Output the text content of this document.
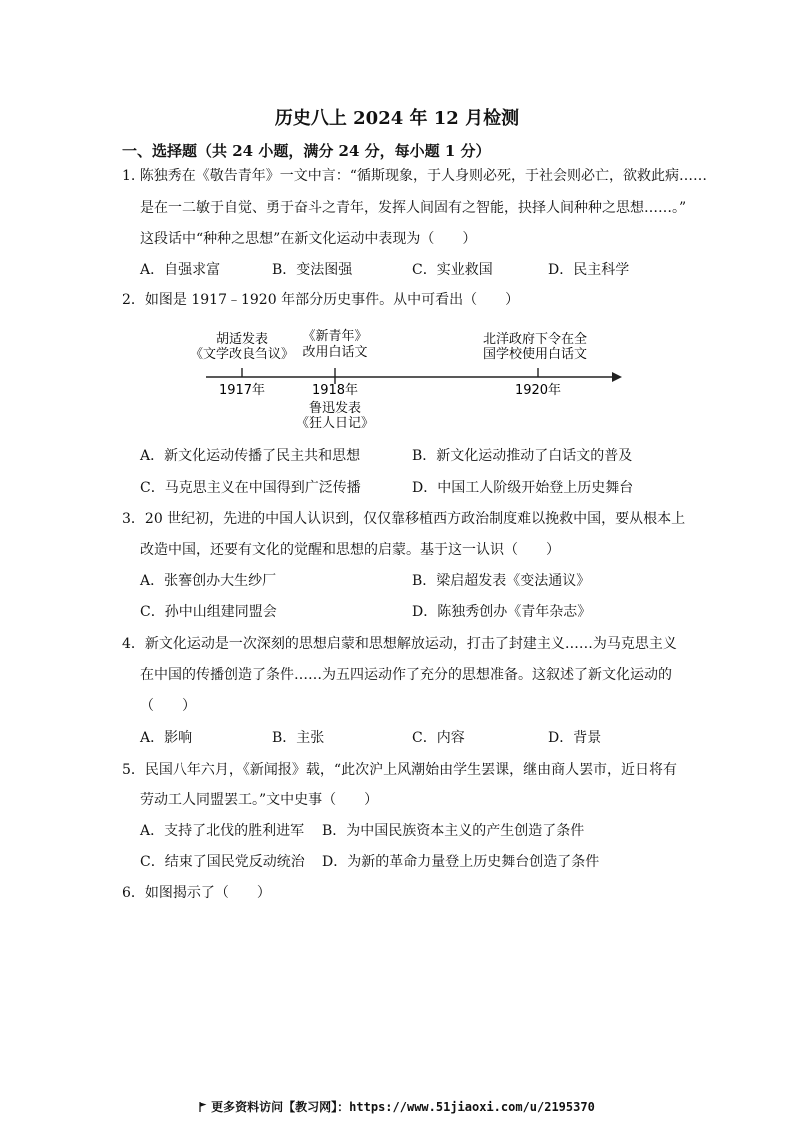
历史八上 2024 年 12 月检测
一、选择题（共 24 小题，满分 24 分，每小题 1 分）
1. 陈独秀在《敬告青年》一文中言：“循斯现象，于人身则必死，于社会则必亡，欲救此病……
是在一二敏于自觉、勇于奋斗之青年，发挥人间固有之智能，抉择人间种种之思想……。”
这段话中“种种之思想”在新文化运动中表现为（　　）
A．自强求富	B．变法图强	C．实业救国	D．民主科学
2．如图是 1917﹣1920 年部分历史事件。从中可看出（　　）
1917年	1918年	1920年
胡适发表
《文学改良刍议》
《新青年》
改用白话文
北洋政府下令在全
国学校使用白话文
鲁迅发表
《狂人日记》
A．新文化运动传播了民主共和思想	B．新文化运动推动了白话文的普及
C．马克思主义在中国得到广泛传播	D．中国工人阶级开始登上历史舞台
3．20 世纪初，先进的中国人认识到，仅仅靠移植西方政治制度难以挽救中国，要从根本上
改造中国，还要有文化的觉醒和思想的启蒙。基于这一认识（　　）
A．张謇创办大生纱厂	B．梁启超发表《变法通议》
C．孙中山组建同盟会	D．陈独秀创办《青年杂志》
4．新文化运动是一次深刻的思想启蒙和思想解放运动，打击了封建主义……为马克思主义
在中国的传播创造了条件……为五四运动作了充分的思想准备。这叙述了新文化运动的
（　　）
A．影响	B．主张	C．内容	D．背景
5．民国八年六月，《新闻报》载，“此次沪上风潮始由学生罢课，继由商人罢市，近日将有
劳动工人同盟罢工。”文中史事（　　）
A．支持了北伐的胜利进军 B．为中国民族资本主义的产生创造了条件
C．结束了国民党反动统治 D．为新的革命力量登上历史舞台创造了条件
6．如图揭示了（　　）
更多资料访问【教习网】：https://www.51jiaoxi.com/u/2195370
